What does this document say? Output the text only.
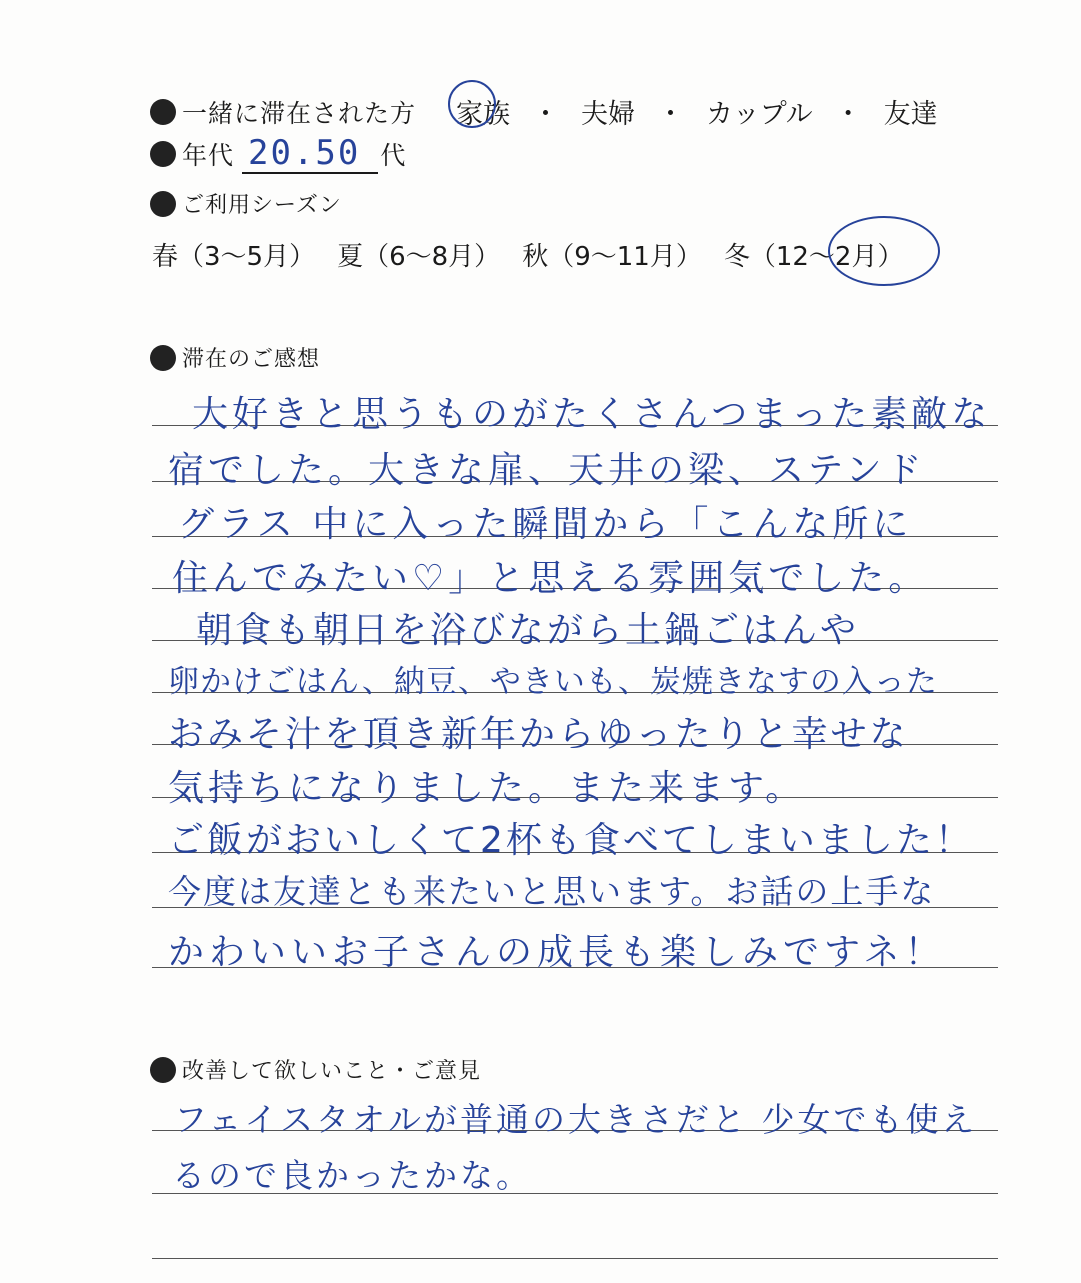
一緒に滞在された方 家族 ・ 夫婦 ・ カップル ・ 友達
年代 20.50 代
ご利用シーズン
春（3〜5月） 夏（6〜8月） 秋（9〜11月） 冬（12〜2月）
滞在のご感想
大好きと思うものがたくさんつまった素敵な
宿でした。大きな扉、天井の梁、ステンド
グラス 中に入った瞬間から「こんな所に
住んでみたい♡」と思える雰囲気でした。
朝食も朝日を浴びながら土鍋ごはんや
卵かけごはん、納豆、やきいも、炭焼きなすの入った
おみそ汁を頂き新年からゆったりと幸せな
気持ちになりました。また来ます。
ご飯がおいしくて2杯も食べてしまいました！
今度は友達とも来たいと思います。お話の上手な
かわいいお子さんの成長も楽しみですネ！
改善して欲しいこと・ご意見
フェイスタオルが普通の大きさだと 少女でも使え
るので良かったかな。
